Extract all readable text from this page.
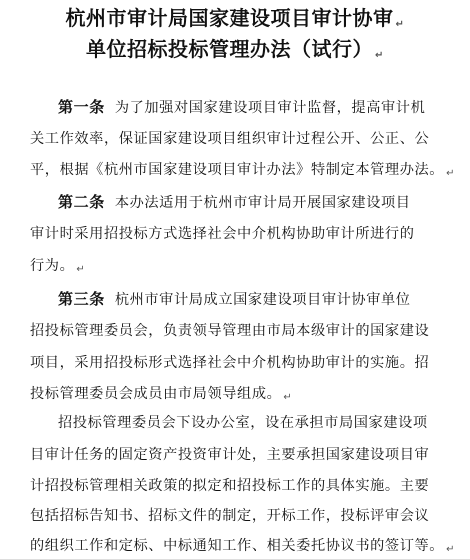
杭州市审计局国家建设项目审计协审 ↵
单位招标投标管理办法（试行） ↵
第一条 为了加强对国家建设项目审计监督，提高审计机
关工作效率，保证国家建设项目组织审计过程公开、公正、公
平，根据《杭州市国家建设项目审计办法》特制定本管理办法。 ↵
第二条 本办法适用于杭州市审计局开展国家建设项目
审计时采用招投标方式选择社会中介机构协助审计所进行的
行为。 ↵
第三条 杭州市审计局成立国家建设项目审计协审单位
招投标管理委员会，负责领导管理由市局本级审计的国家建设
项目，采用招投标形式选择社会中介机构协助审计的实施。招
投标管理委员会成员由市局领导组成。 ↵
招投标管理委员会下设办公室，设在承担市局国家建设项
目审计任务的固定资产投资审计处，主要承担国家建设项目审
计招投标管理相关政策的拟定和招投标工作的具体实施。主要
包括招标告知书、招标文件的制定，开标工作，投标评审会议
的组织工作和定标、中标通知工作、相关委托协议书的签订等。 ↵
